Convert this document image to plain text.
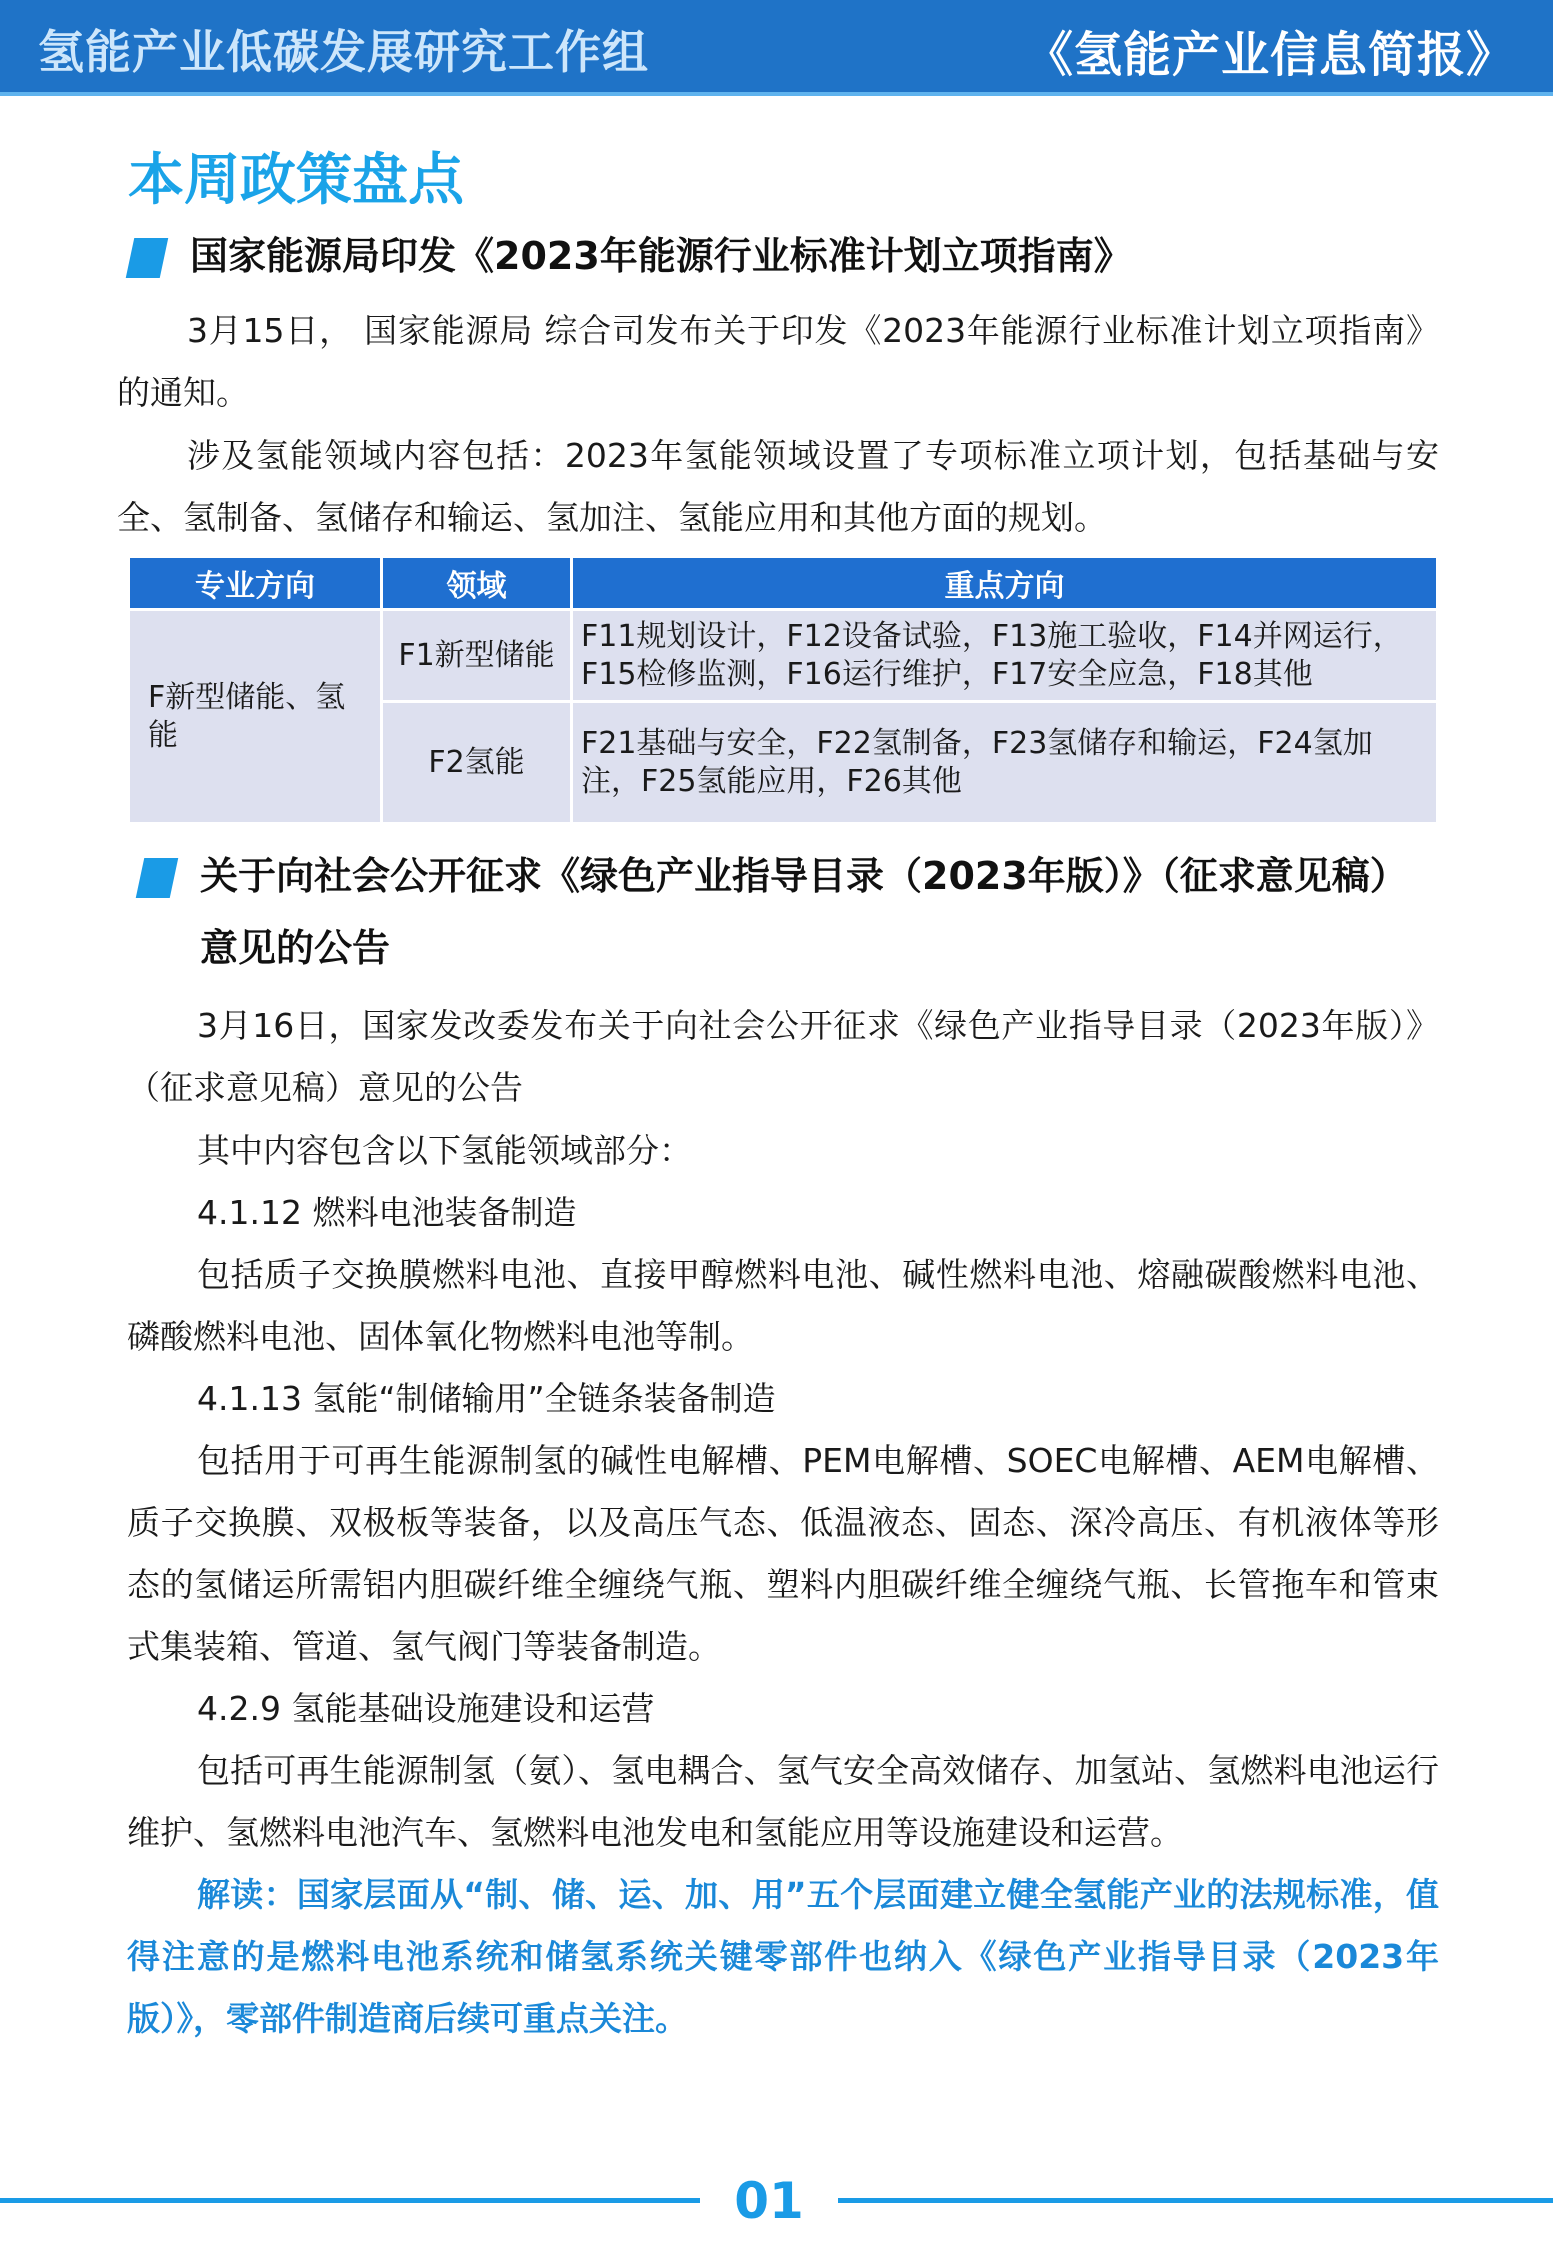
氢能产业低碳发展研究工作组	《氢能产业信息简报》
本周政策盘点
国家能源局印发《2023年能源行业标准计划立项指南》
3月15日， 国家能源局 综合司发布关于印发《2023年能源行业标准计划立项指南》的通知。
涉及氢能领域内容包括：2023年氢能领域设置了专项标准立项计划，包括基础与安全、氢制备、氢储存和输运、氢加注、氢能应用和其他方面的规划。
专业方向	领域	重点方向
F新型储能、氢能	F1新型储能	F11规划设计，F12设备试验，F13施工验收，F14并网运行，F15检修监测，F16运行维护，F17安全应急，F18其他
	F2氢能	F21基础与安全，F22氢制备，F23氢储存和输运，F24氢加注，F25氢能应用，F26其他
关于向社会公开征求《绿色产业指导目录（2023年版）》（征求意见稿）意见的公告
3月16日，国家发改委发布关于向社会公开征求《绿色产业指导目录（2023年版）》（征求意见稿）意见的公告
其中内容包含以下氢能领域部分：
4.1.12 燃料电池装备制造
包括质子交换膜燃料电池、直接甲醇燃料电池、碱性燃料电池、熔融碳酸燃料电池、磷酸燃料电池、固体氧化物燃料电池等制。
4.1.13 氢能“制储输用”全链条装备制造
包括用于可再生能源制氢的碱性电解槽、PEM电解槽、SOEC电解槽、AEM电解槽、质子交换膜、双极板等装备，以及高压气态、低温液态、固态、深冷高压、有机液体等形态的氢储运所需铝内胆碳纤维全缠绕气瓶、塑料内胆碳纤维全缠绕气瓶、长管拖车和管束式集装箱、管道、氢气阀门等装备制造。
4.2.9 氢能基础设施建设和运营
包括可再生能源制氢（氨）、氢电耦合、氢气安全高效储存、加氢站、氢燃料电池运行维护、氢燃料电池汽车、氢燃料电池发电和氢能应用等设施建设和运营。
解读：国家层面从“制、储、运、加、用”五个层面建立健全氢能产业的法规标准，值得注意的是燃料电池系统和储氢系统关键零部件也纳入《绿色产业指导目录（2023年版）》，零部件制造商后续可重点关注。
01
